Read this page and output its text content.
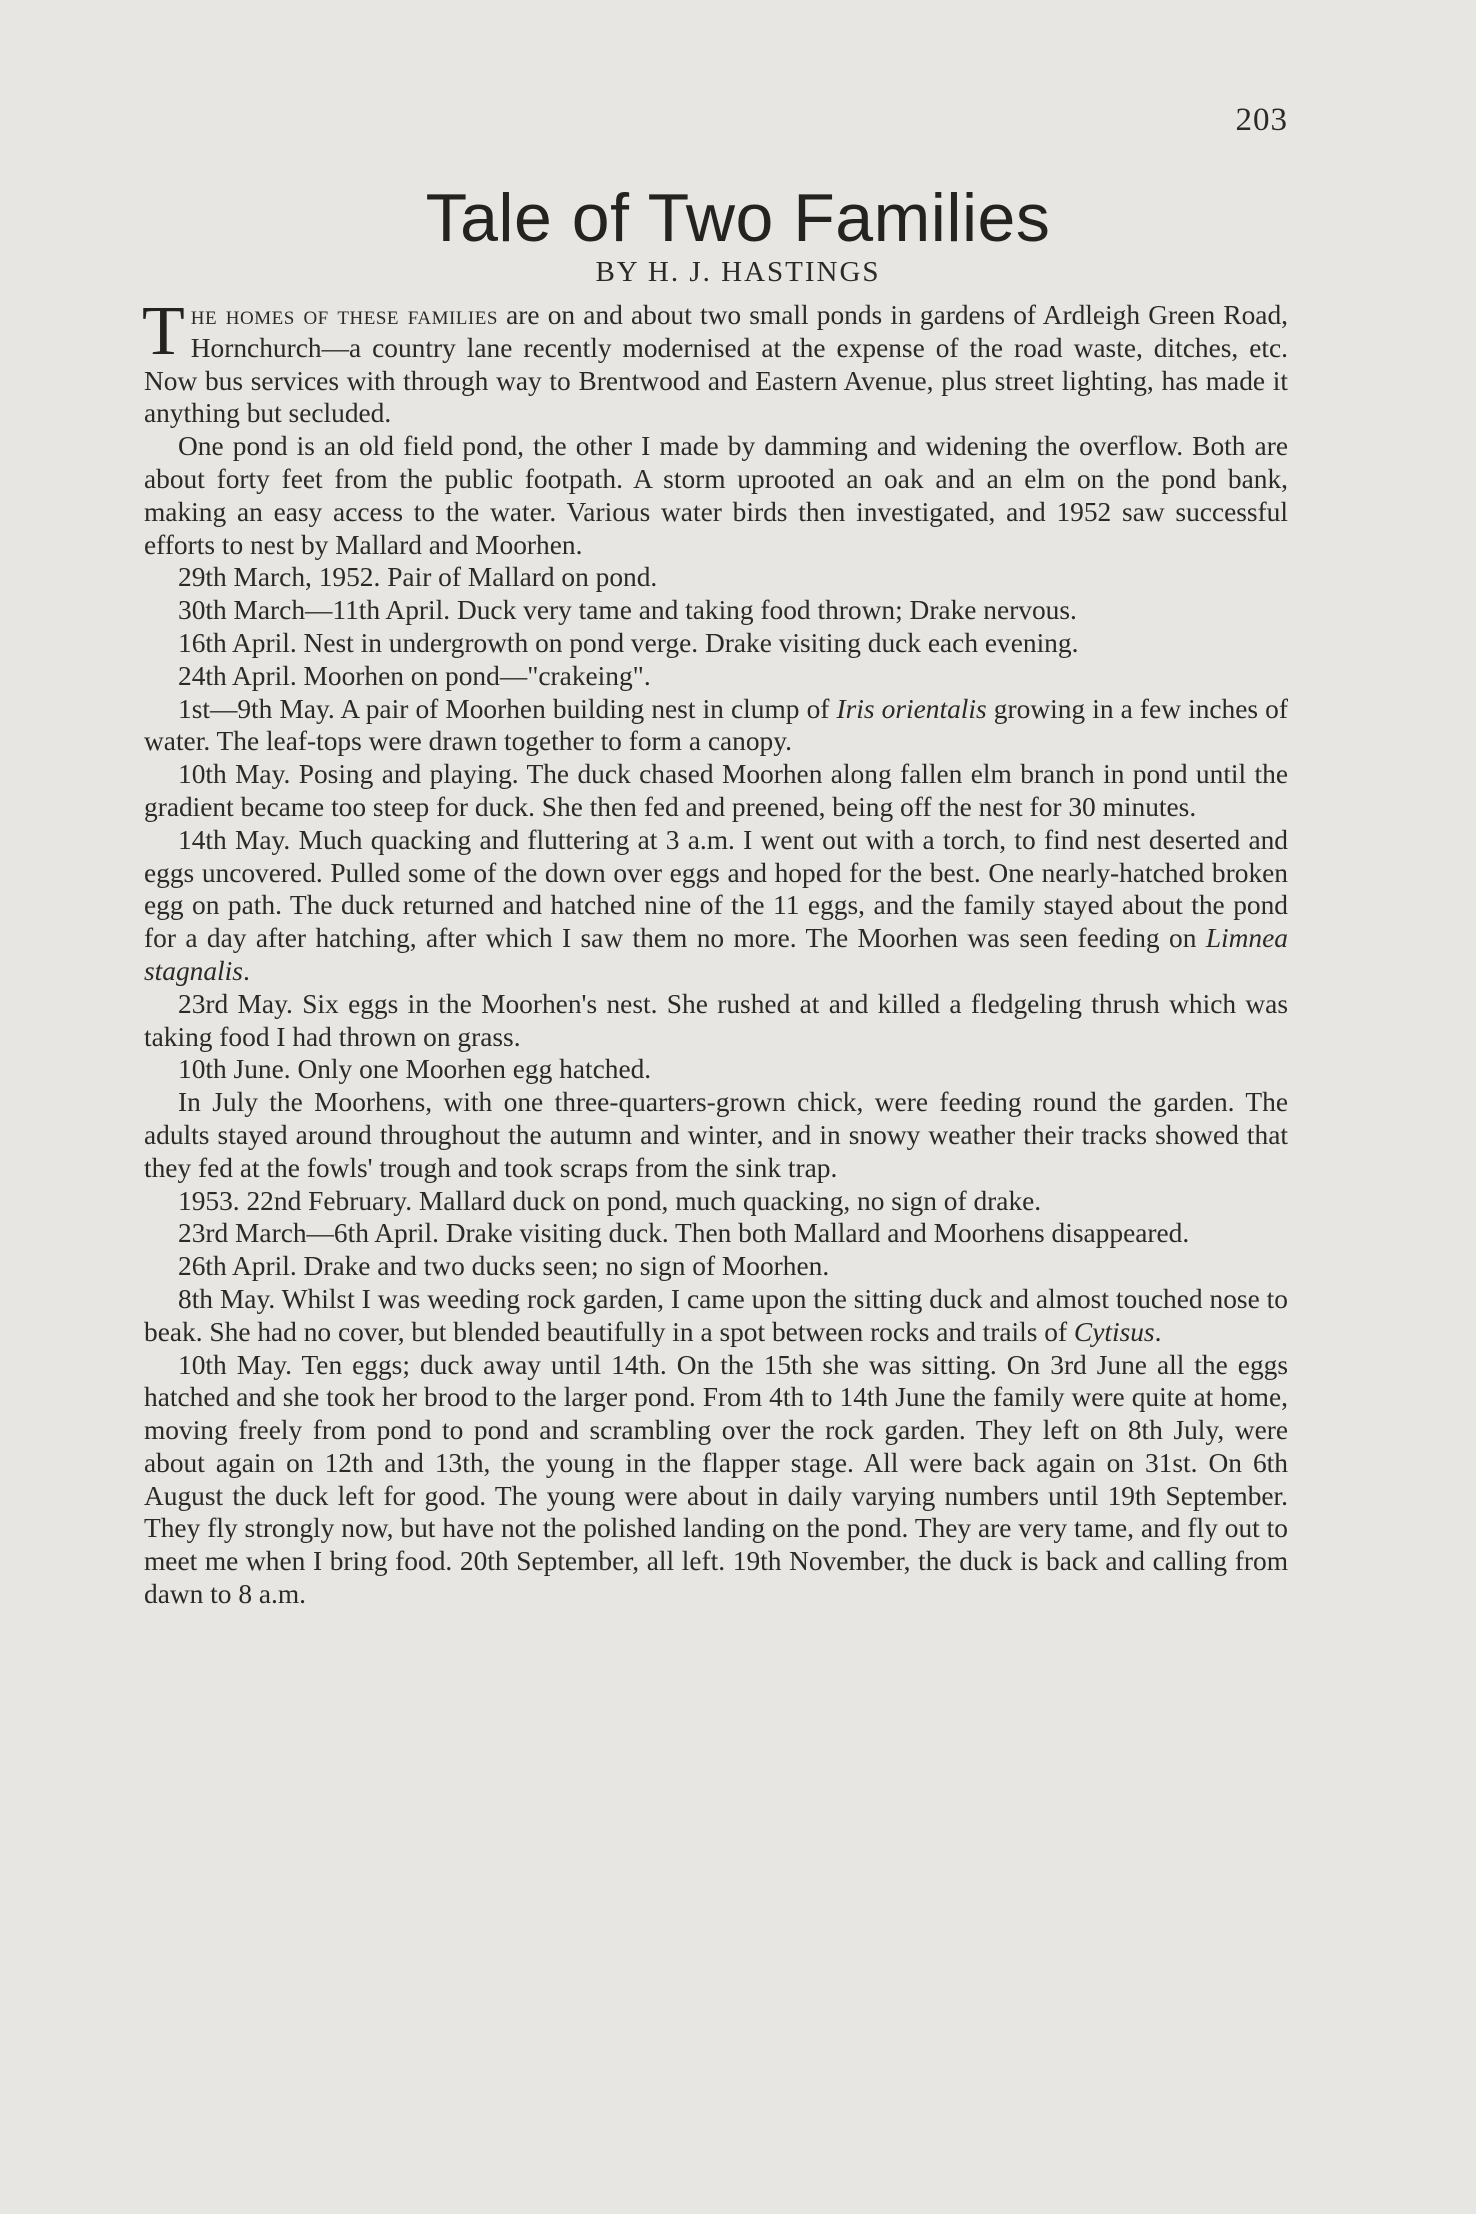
203
Tale of Two Families
BY H. J. HASTINGS

The homes of these families are on and about two small ponds in gardens of Ardleigh Green Road, Hornchurch—a country lane recently modernised at the expense of the road waste, ditches, etc. Now bus services with through way to Brentwood and Eastern Avenue, plus street lighting, has made it anything but secluded.

One pond is an old field pond, the other I made by damming and widening the overflow. Both are about forty feet from the public footpath. A storm uprooted an oak and an elm on the pond bank, making an easy access to the water. Various water birds then investigated, and 1952 saw successful efforts to nest by Mallard and Moorhen.

29th March, 1952. Pair of Mallard on pond.

30th March—11th April. Duck very tame and taking food thrown; Drake nervous.

16th April. Nest in undergrowth on pond verge. Drake visiting duck each evening.

24th April. Moorhen on pond—"crakeing".

1st—9th May. A pair of Moorhen building nest in clump of Iris orientalis growing in a few inches of water. The leaf-tops were drawn together to form a canopy.

10th May. Posing and playing. The duck chased Moorhen along fallen elm branch in pond until the gradient became too steep for duck. She then fed and preened, being off the nest for 30 minutes.

14th May. Much quacking and fluttering at 3 a.m. I went out with a torch, to find nest deserted and eggs uncovered. Pulled some of the down over eggs and hoped for the best. One nearly-hatched broken egg on path. The duck returned and hatched nine of the 11 eggs, and the family stayed about the pond for a day after hatching, after which I saw them no more. The Moorhen was seen feeding on Limnea stagnalis.

23rd May. Six eggs in the Moorhen's nest. She rushed at and killed a fledgeling thrush which was taking food I had thrown on grass.

10th June. Only one Moorhen egg hatched.

In July the Moorhens, with one three-quarters-grown chick, were feeding round the garden. The adults stayed around throughout the autumn and winter, and in snowy weather their tracks showed that they fed at the fowls' trough and took scraps from the sink trap.

1953. 22nd February. Mallard duck on pond, much quacking, no sign of drake.

23rd March—6th April. Drake visiting duck. Then both Mallard and Moorhens disappeared.

26th April. Drake and two ducks seen; no sign of Moorhen.

8th May. Whilst I was weeding rock garden, I came upon the sitting duck and almost touched nose to beak. She had no cover, but blended beautifully in a spot between rocks and trails of Cytisus.

10th May. Ten eggs; duck away until 14th. On the 15th she was sitting. On 3rd June all the eggs hatched and she took her brood to the larger pond. From 4th to 14th June the family were quite at home, moving freely from pond to pond and scrambling over the rock garden. They left on 8th July, were about again on 12th and 13th, the young in the flapper stage. All were back again on 31st. On 6th August the duck left for good. The young were about in daily varying numbers until 19th September. They fly strongly now, but have not the polished landing on the pond. They are very tame, and fly out to meet me when I bring food. 20th September, all left. 19th November, the duck is back and calling from dawn to 8 a.m.
